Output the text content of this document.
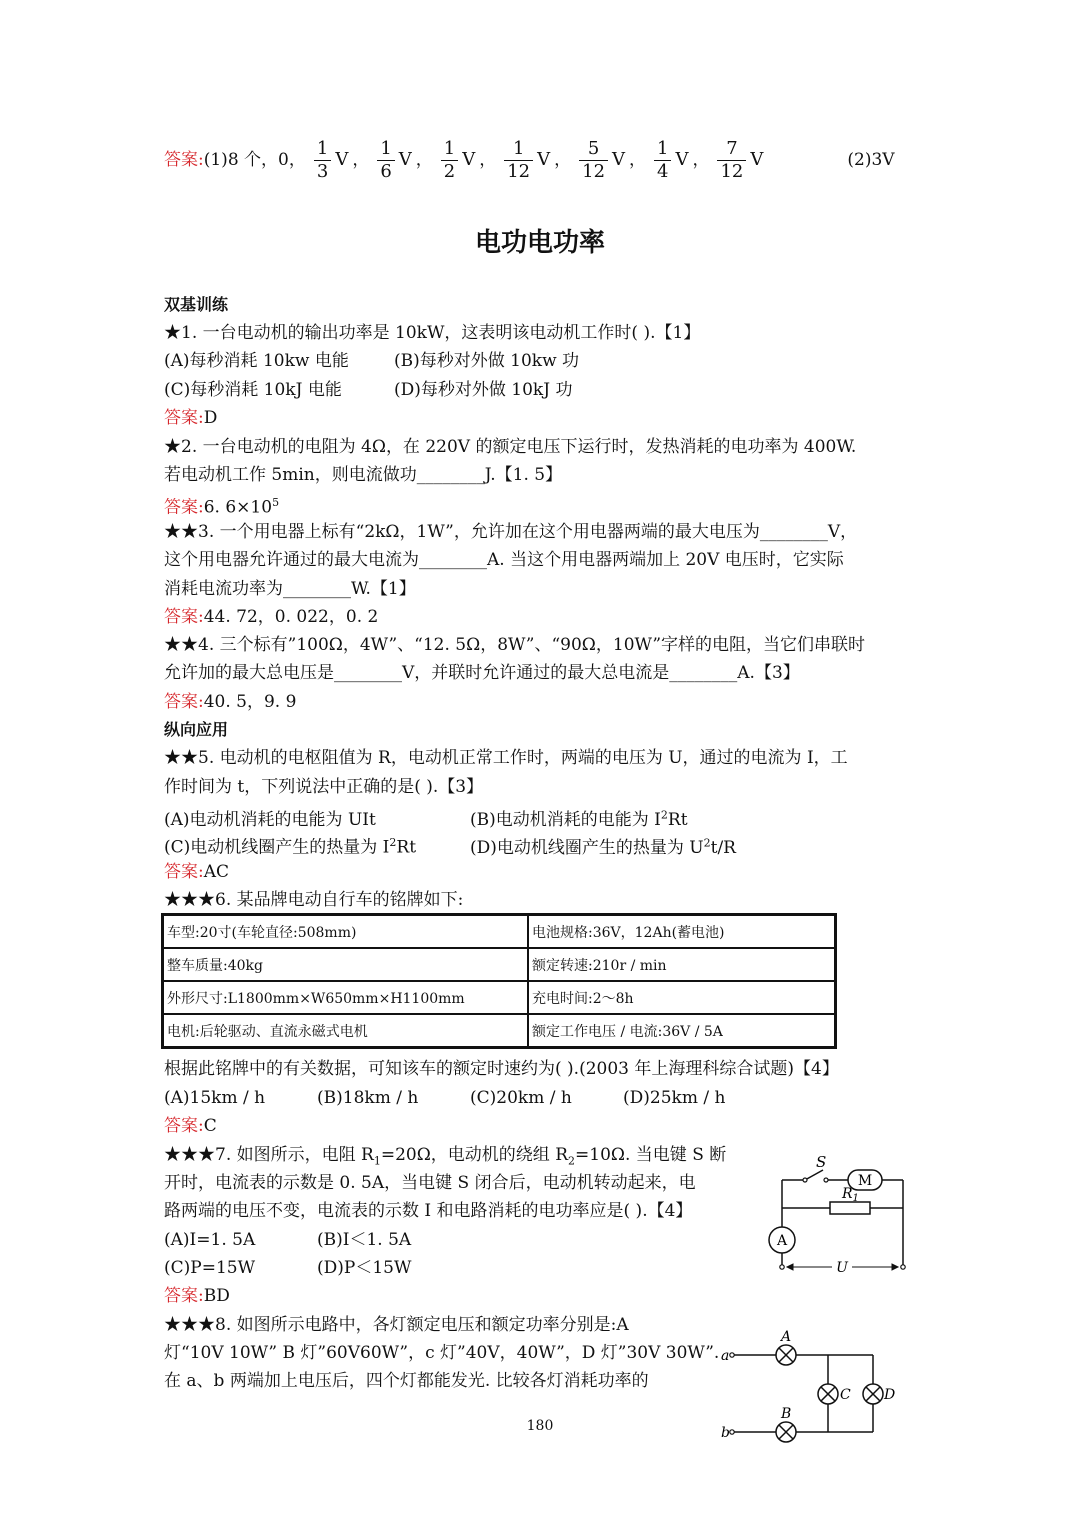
答案:(1)8 个，0， $\frac{1}{3}$ V ， $\frac{1}{6}$ V ， $\frac{1}{2}$ V ， $\frac{1}{12}$ V ， $\frac{5}{12}$ V ， $\frac{1}{4}$ V ， $\frac{7}{12}$ V	(2)3V
电功电功率
双基训练
★1. 一台电动机的输出功率是 10kW，这表明该电动机工作时( ).【1】
(A)每秒消耗 10kw 电能	(B)每秒对外做 10kw 功
(C)每秒消耗 10kJ 电能	(D)每秒对外做 10kJ 功
答案:D
★2. 一台电动机的电阻为 4Ω，在 220V 的额定电压下运行时，发热消耗的电功率为 400W.
若电动机工作 5min，则电流做功________J.【1. 5】
答案:6. $6\times 10^5$
★★3. 一个用电器上标有“2kΩ，1W”，允许加在这个用电器两端的最大电压为________V，
这个用电器允许通过的最大电流为________A. 当这个用电器两端加上 20V 电压时，它实际
消耗电流功率为________W.【1】
答案:44. 72，0. 022，0. 2
★★4. 三个标有”100Ω，4W”、“12. 5Ω，8W”、“90Ω，10W”字样的电阻，当它们串联时
允许加的最大总电压是________V，并联时允许通过的最大总电流是________A.【3】
答案:40. 5，9. 9
纵向应用
★★5. 电动机的电枢阻值为 R，电动机正常工作时，两端的电压为 U，通过的电流为 I，工
作时间为 t，下列说法中正确的是( ).【3】
(A)电动机消耗的电能为 UIt	(B)电动机消耗的电能为 $I^2Rt$
(C)电动机线圈产生的热量为 $I^2Rt$	(D)电动机线圈产生的热量为 $U^2t/R$
答案:AC
★★★6. 某品牌电动自行车的铭牌如下:
车型:20寸(车轮直径:508mm)	电池规格:36V，12Ah(蓄电池)
整车质量:40kg	额定转速:210r / min
外形尺寸:L1800mm×W650mm×H1100mm	充电时间:2～8h
电机:后轮驱动、直流永磁式电机	额定工作电压 / 电流:36V / 5A
根据此铭牌中的有关数据，可知该车的额定时速约为( ).(2003 年上海理科综合试题)【4】
(A)15km / h	(B)18km / h	(C)20km / h	(D)25km / h
答案:C
★★★7. 如图所示，电阻 $R_1=20\Omega$，电动机的绕组 $R_2=10\Omega$. 当电键 S 断
开时，电流表的示数是 0. 5A，当电键 S 闭合后，电动机转动起来，电
路两端的电压不变，电流表的示数 I 和电路消耗的电功率应是( ).【4】
(A)I=1. 5A	(B)I＜1. 5A
(C)P=15W	(D)P＜15W
答案:BD
M
S
$R_1$
A
U
★★★8. 如图所示电路中，各灯额定电压和额定功率分别是:A
灯“10V 10W” B 灯”60V60W”，c 灯”40V，40W”，D 灯”30V 30W”.
在 a、b 两端加上电压后，四个灯都能发光. 比较各灯消耗功率的
a
b
A
B
C D
180
